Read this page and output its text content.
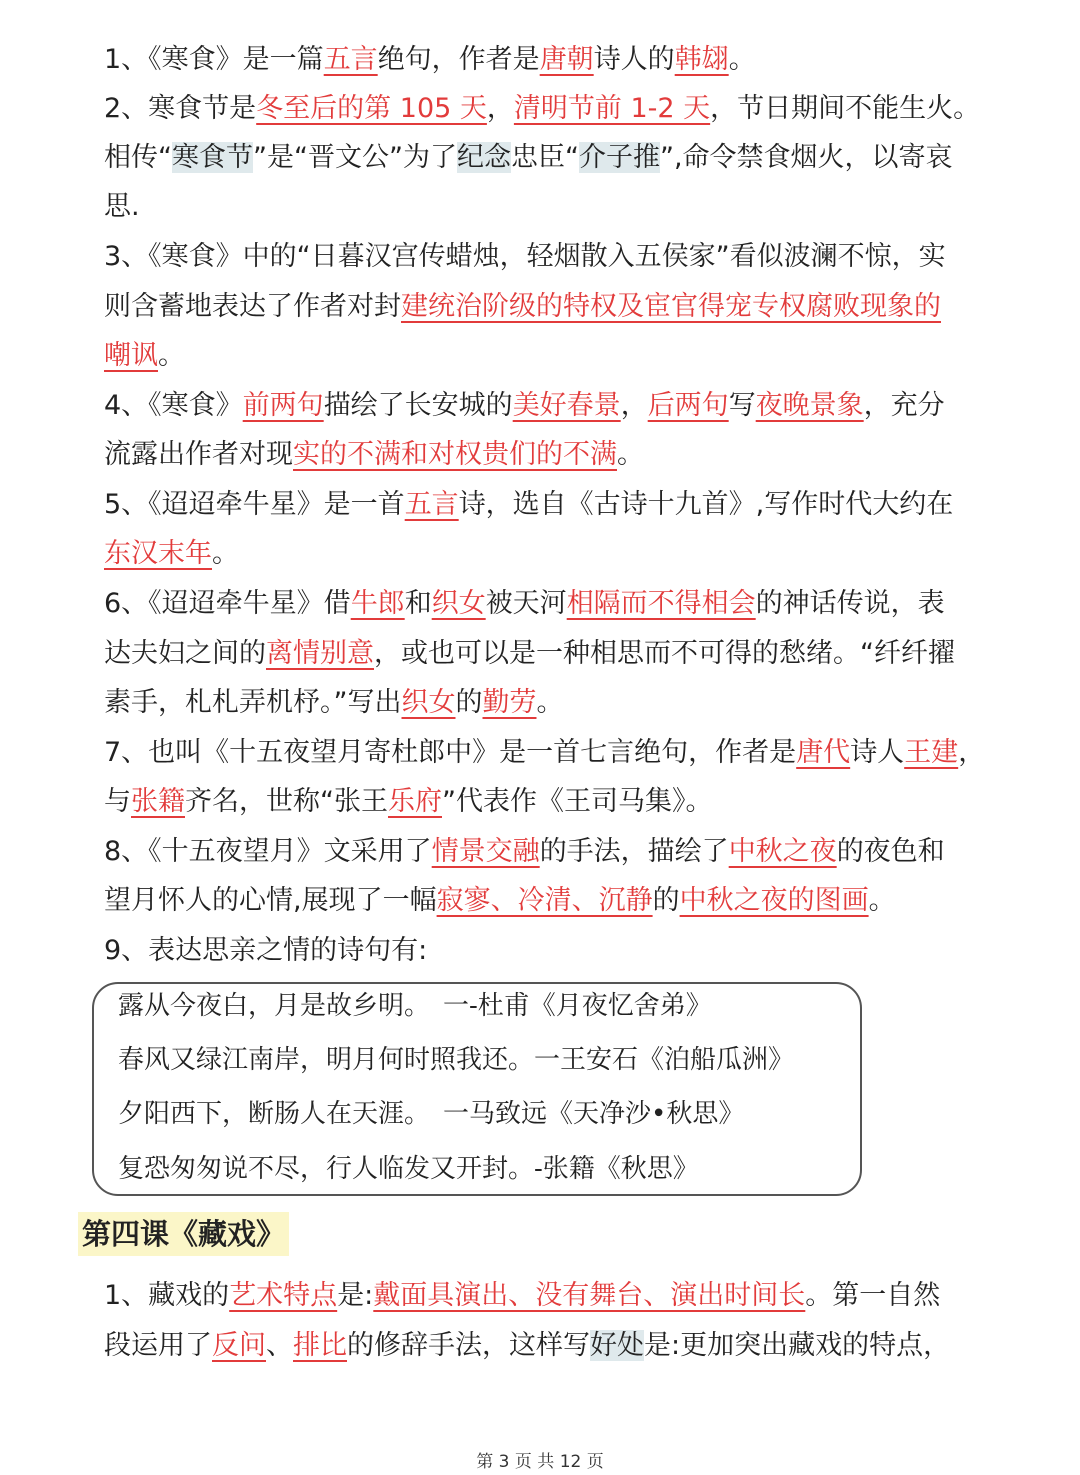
1、《寒食》是一篇五言绝句，作者是唐朝诗人的韩翃。
2、寒食节是冬至后的第 105 天，清明节前 1-2 天，节日期间不能生火。
相传“寒食节”是“晋文公”为了纪念忠臣“介子推”,命令禁食烟火，以寄哀
思.
3、《寒食》中的“日暮汉宫传蜡烛，轻烟散入五侯家”看似波澜不惊，实
则含蓄地表达了作者对封建统治阶级的特权及宦官得宠专权腐败现象的
嘲讽。
4、《寒食》前两句描绘了长安城的美好春景，后两句写夜晚景象，充分
流露出作者对现实的不满和对权贵们的不满。
5、《迢迢牵牛星》是一首五言诗，选自《古诗十九首》,写作时代大约在
东汉末年。
6、《迢迢牵牛星》借牛郎和织女被天河相隔而不得相会的神话传说，表
达夫妇之间的离情别意，或也可以是一种相思而不可得的愁绪。“纤纤擢
素手，札札弄机杼。”写出织女的勤劳。
7、也叫《十五夜望月寄杜郎中》是一首七言绝句，作者是唐代诗人王建，
与张籍齐名，世称“张王乐府”代表作《王司马集》。
8、《十五夜望月》文采用了情景交融的手法，描绘了中秋之夜的夜色和
望月怀人的心情,展现了一幅寂寥、冷清、沉静的中秋之夜的图画。
9、表达思亲之情的诗句有:
露从今夜白，月是故乡明。　一-杜甫《月夜忆舍弟》
春风又绿江南岸，明月何时照我还。一王安石《泊船瓜洲》
夕阳西下，断肠人在天涯。　一马致远《天净沙•秋思》
复恐匆匆说不尽，行人临发又开封。-张籍《秋思》
第四课《藏戏》
1、藏戏的艺术特点是:戴面具演出、没有舞台、演出时间长。第一自然
段运用了反问、排比的修辞手法，这样写好处是:更加突出藏戏的特点，
第 3 页 共 12 页
